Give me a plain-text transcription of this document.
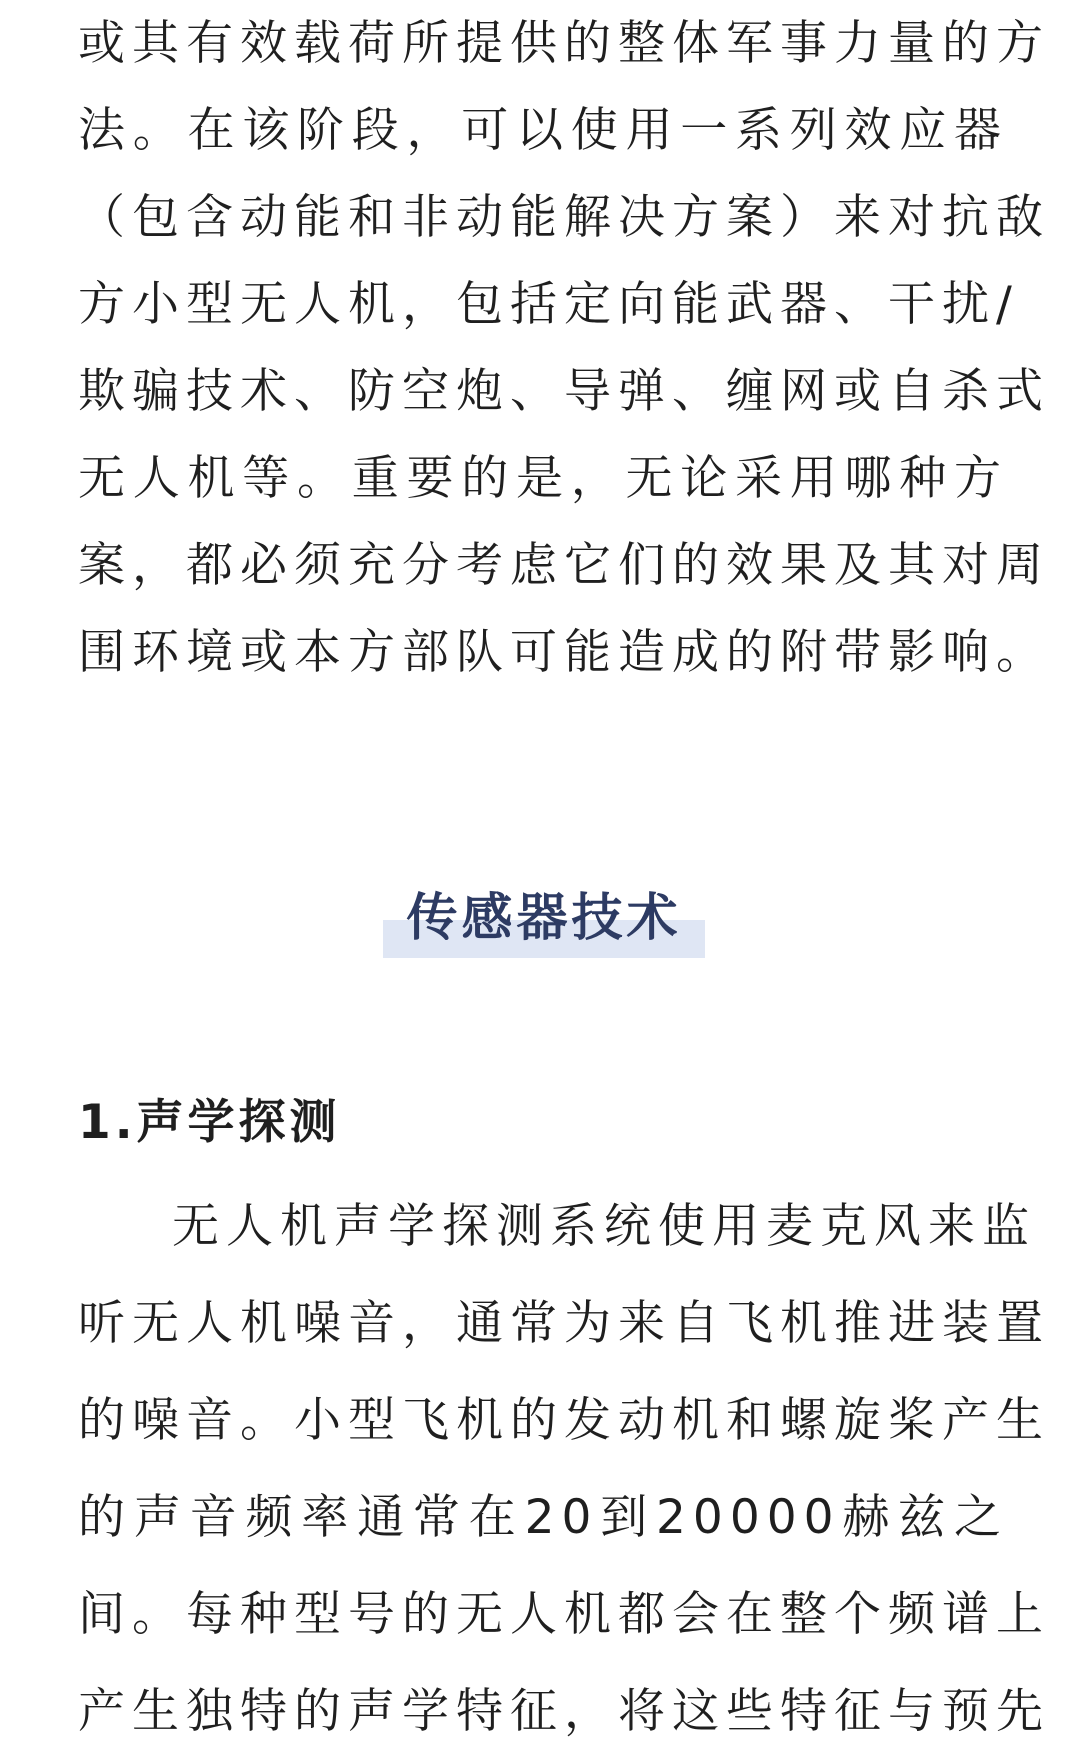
或其有效载荷所提供的整体军事力量的方
法。在该阶段，可以使用一系列效应器
（包含动能和非动能解决方案）来对抗敌
方小型无人机，包括定向能武器、干扰/
欺骗技术、防空炮、导弹、缠网或自杀式
无人机等。重要的是，无论采用哪种方
案，都必须充分考虑它们的效果及其对周
围环境或本方部队可能造成的附带影响。

传感器技术
1.声学探测

无人机声学探测系统使用麦克风来监
听无人机噪音，通常为来自飞机推进装置
的噪音。小型飞机的发动机和螺旋桨产生
的声音频率通常在20到20000赫兹之
间。每种型号的无人机都会在整个频谱上
产生独特的声学特征，将这些特征与预先
